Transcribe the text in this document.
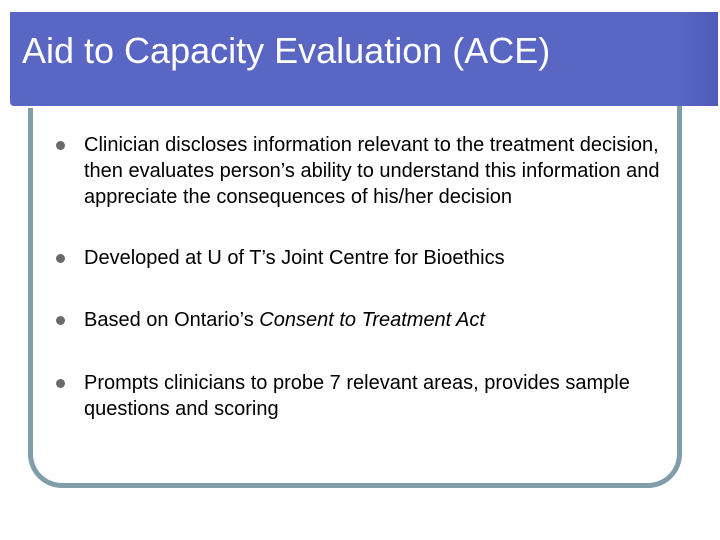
Aid to Capacity Evaluation (ACE)
Clinician discloses information relevant to the treatment decision, then evaluates person’s ability to understand this information and appreciate the consequences of his/her decision
Developed at U of T’s Joint Centre for Bioethics
Based on Ontario’s Consent to Treatment Act
Prompts clinicians to probe 7 relevant areas, provides sample questions and scoring
